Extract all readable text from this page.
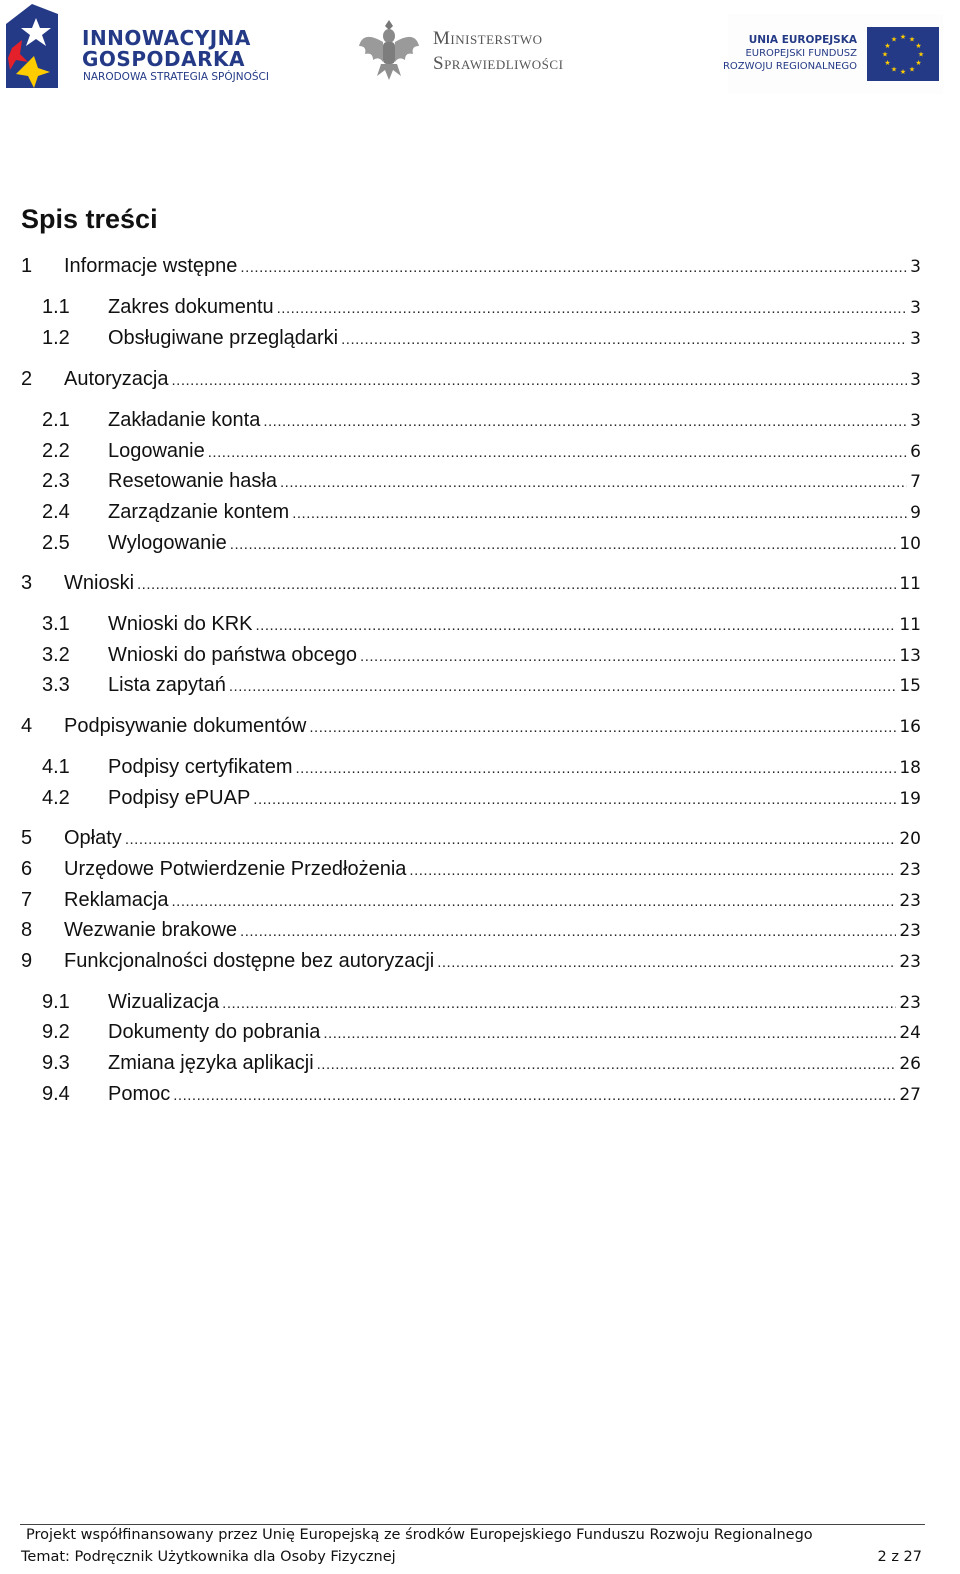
INNOWACYJNA
GOSPODARKA
NARODOWA STRATEGIA SPÓJNOŚCI
Ministerstwo
Sprawiedliwości
UNIA EUROPEJSKA
EUROPEJSKI FUNDUSZ
ROZWOJU REGIONALNEGO
★ ★
★
★
★
★
★
★
★
★
★
★
Spis treści
1	Informacje wstępne .....	3
1.1	Zakres dokumentu .....	3
1.2	Obsługiwane przeglądarki .....	3
2	Autoryzacja .....	3
2.1	Zakładanie konta .....	3
2.2	Logowanie .....	6
2.3	Resetowanie hasła .....	7
2.4	Zarządzanie kontem .....	9
2.5	Wylogowanie .....	10
3	Wnioski .....	11
3.1	Wnioski do KRK .....	11
3.2	Wnioski do państwa obcego .....	13
3.3	Lista zapytań .....	15
4	Podpisywanie dokumentów .....	16
4.1	Podpisy certyfikatem .....	18
4.2	Podpisy ePUAP .....	19
5	Opłaty .....	20
6	Urzędowe Potwierdzenie Przedłożenia .....	23
7	Reklamacja .....	23
8	Wezwanie brakowe .....	23
9	Funkcjonalności dostępne bez autoryzacji .....	23
9.1	Wizualizacja .....	23
9.2	Dokumenty do pobrania .....	24
9.3	Zmiana języka aplikacji .....	26
9.4	Pomoc .....	27
Projekt współfinansowany przez Unię Europejską ze środków Europejskiego Funduszu Rozwoju Regionalnego
Temat: Podręcznik Użytkownika dla Osoby Fizycznej	2 z 27
